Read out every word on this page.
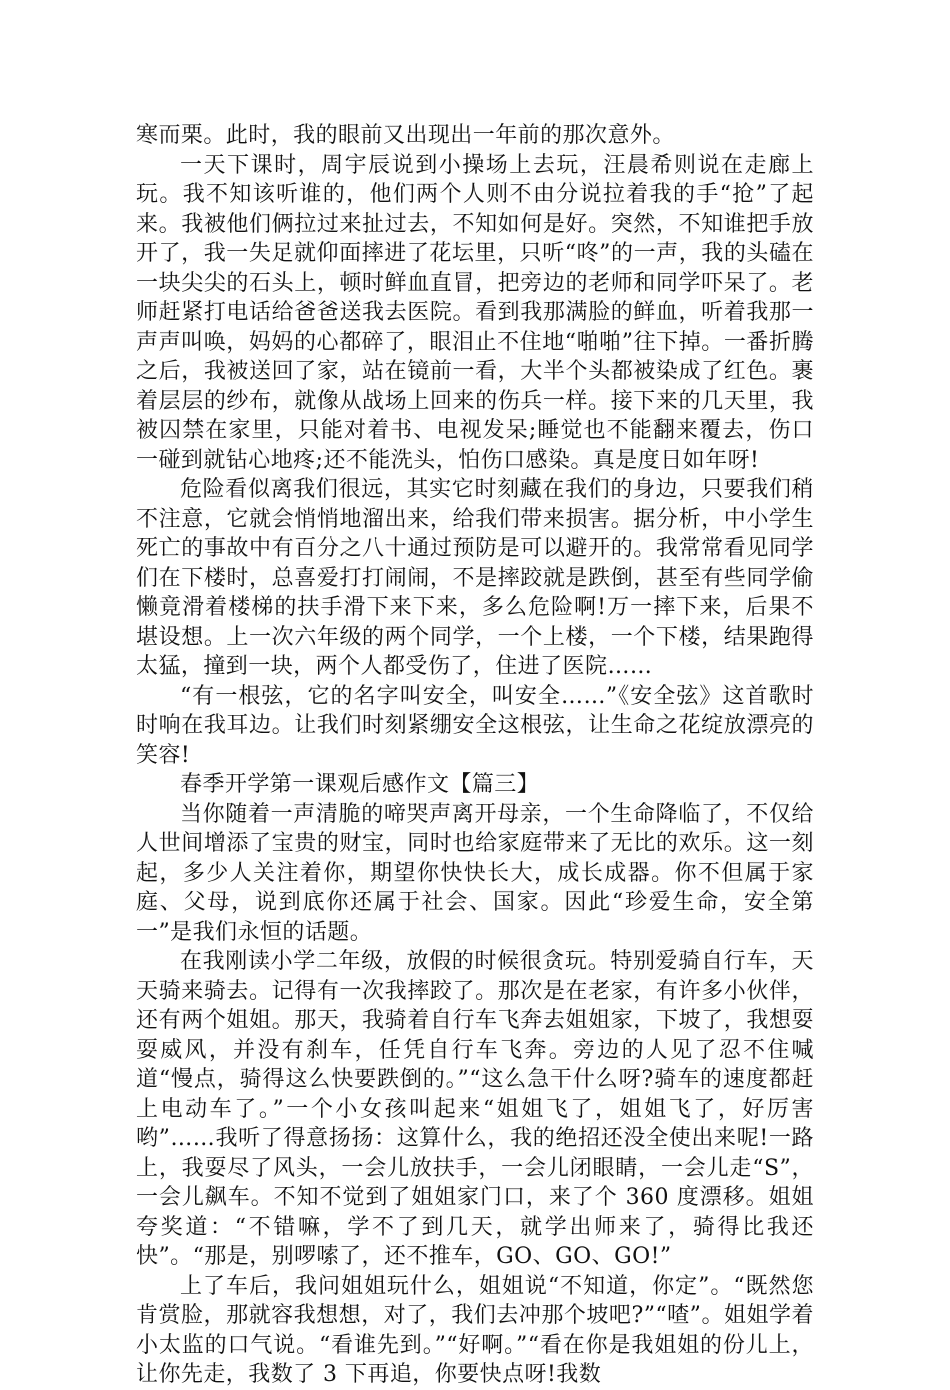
寒而栗。此时，我的眼前又出现出一年前的那次意外。

一天下课时，周宇辰说到小操场上去玩，汪晨希则说在走廊上玩。我不知该听谁的，他们两个人则不由分说拉着我的手“抢”了起来。我被他们俩拉过来扯过去，不知如何是好。突然，不知谁把手放开了，我一失足就仰面摔进了花坛里，只听“咚”的一声，我的头磕在一块尖尖的石头上，顿时鲜血直冒，把旁边的老师和同学吓呆了。老师赶紧打电话给爸爸送我去医院。看到我那满脸的鲜血，听着我那一声声叫唤，妈妈的心都碎了，眼泪止不住地“啪啪”往下掉。一番折腾之后，我被送回了家，站在镜前一看，大半个头都被染成了红色。裹着层层的纱布，就像从战场上回来的伤兵一样。接下来的几天里，我被囚禁在家里，只能对着书、电视发呆;睡觉也不能翻来覆去，伤口一碰到就钻心地疼;还不能洗头，怕伤口感染。真是度日如年呀!

危险看似离我们很远，其实它时刻藏在我们的身边，只要我们稍不注意，它就会悄悄地溜出来，给我们带来损害。据分析，中小学生死亡的事故中有百分之八十通过预防是可以避开的。我常常看见同学们在下楼时，总喜爱打打闹闹，不是摔跤就是跌倒，甚至有些同学偷懒竟滑着楼梯的扶手滑下来下来，多么危险啊!万一摔下来，后果不堪设想。上一次六年级的两个同学，一个上楼，一个下楼，结果跑得太猛，撞到一块，两个人都受伤了，住进了医院……

“有一根弦，它的名字叫安全，叫安全……”《安全弦》这首歌时时响在我耳边。让我们时刻紧绷安全这根弦，让生命之花绽放漂亮的笑容!

春季开学第一课观后感作文【篇三】

当你随着一声清脆的啼哭声离开母亲，一个生命降临了，不仅给人世间增添了宝贵的财宝，同时也给家庭带来了无比的欢乐。这一刻起，多少人关注着你，期望你快快长大，成长成器。你不但属于家庭、父母，说到底你还属于社会、国家。因此“珍爱生命，安全第一”是我们永恒的话题。

在我刚读小学二年级，放假的时候很贪玩。特别爱骑自行车，天天骑来骑去。记得有一次我摔跤了。那次是在老家，有许多小伙伴，还有两个姐姐。那天，我骑着自行车飞奔去姐姐家，下坡了，我想耍耍威风，并没有刹车，任凭自行车飞奔。旁边的人见了忍不住喊道“慢点，骑得这么快要跌倒的。”“这么急干什么呀?骑车的速度都赶上电动车了。”一个小女孩叫起来“姐姐飞了，姐姐飞了，好厉害哟”……我听了得意扬扬：这算什么，我的绝招还没全使出来呢!一路上，我耍尽了风头，一会儿放扶手，一会儿闭眼睛，一会儿走“S”，一会儿飙车。不知不觉到了姐姐家门口，来了个 360 度漂移。姐姐夸奖道：“不错嘛，学不了到几天，就学出师来了，骑得比我还快”。“那是，别啰嗦了，还不推车，GO、GO、GO!”

上了车后，我问姐姐玩什么，姐姐说“不知道，你定”。“既然您肯赏脸，那就容我想想，对了，我们去冲那个坡吧?”“喳”。姐姐学着小太监的口气说。“看谁先到。”“好啊。”“看在你是我姐姐的份儿上，让你先走，我数了 3 下再追，你要快点呀!我数
